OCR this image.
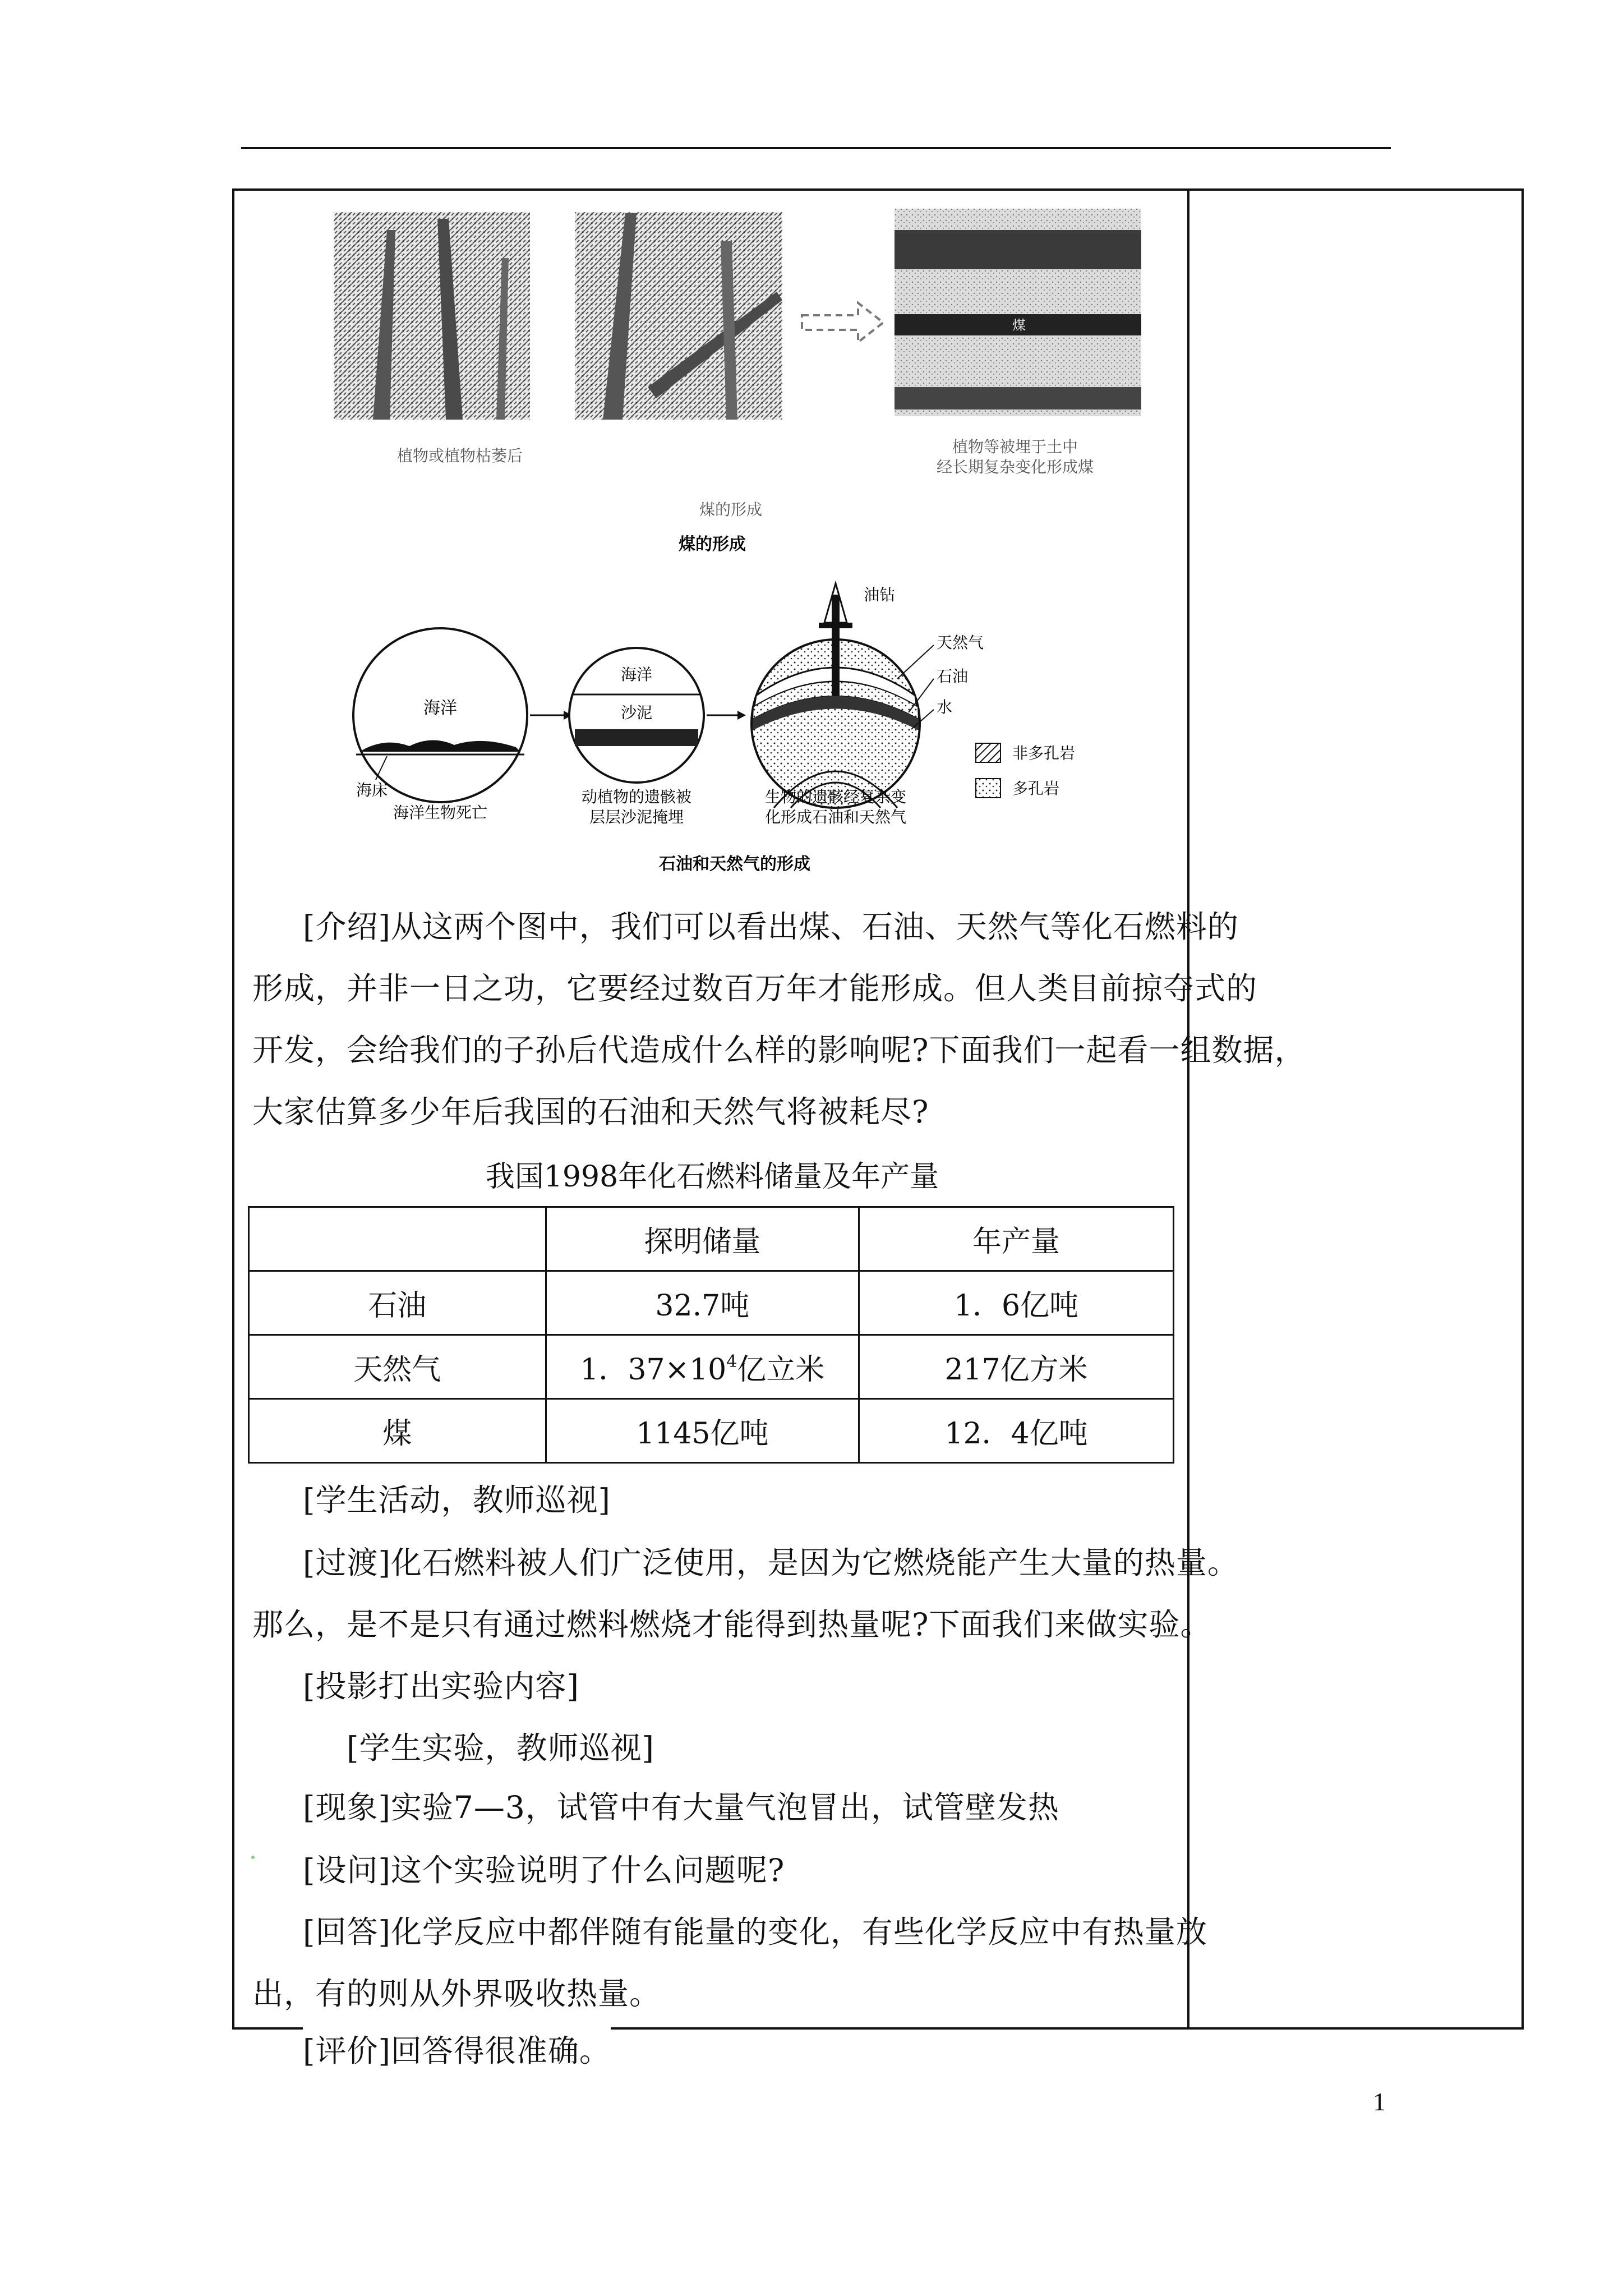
煤
植物或植物枯萎后	植物等被埋于土中
经长期复杂变化形成煤
煤的形成
煤的形成
海洋
海床
海洋生物死亡
海洋
沙泥
动植物的遗骸被
层层沙泥掩埋
油钻
天然气
石油
水
生物的遗骸经复杂变
化形成石油和天然气
非多孔岩
多孔岩
石油和天然气的形成
[介绍]从这两个图中，我们可以看出煤、石油、天然气等化石燃料的
形成，并非一日之功，它要经过数百万年才能形成。但人类目前掠夺式的
开发，会给我们的子孙后代造成什么样的影响呢?下面我们一起看一组数据，
大家估算多少年后我国的石油和天然气将被耗尽?
我国1998年化石燃料储量及年产量
	探明储量	年产量
石油	32.7吨	1．6亿吨
天然气	1．$37\times 10^4$亿立米	217亿方米
煤	1145亿吨	12．4亿吨
[学生活动，教师巡视]
[过渡]化石燃料被人们广泛使用，是因为它燃烧能产生大量的热量。
那么，是不是只有通过燃料燃烧才能得到热量呢?下面我们来做实验。
[投影打出实验内容]
[学生实验，教师巡视]
[现象]实验7—3，试管中有大量气泡冒出，试管壁发热
[设问]这个实验说明了什么问题呢?
[回答]化学反应中都伴随有能量的变化，有些化学反应中有热量放
出，有的则从外界吸收热量。
[评价]回答得很准确。
1
